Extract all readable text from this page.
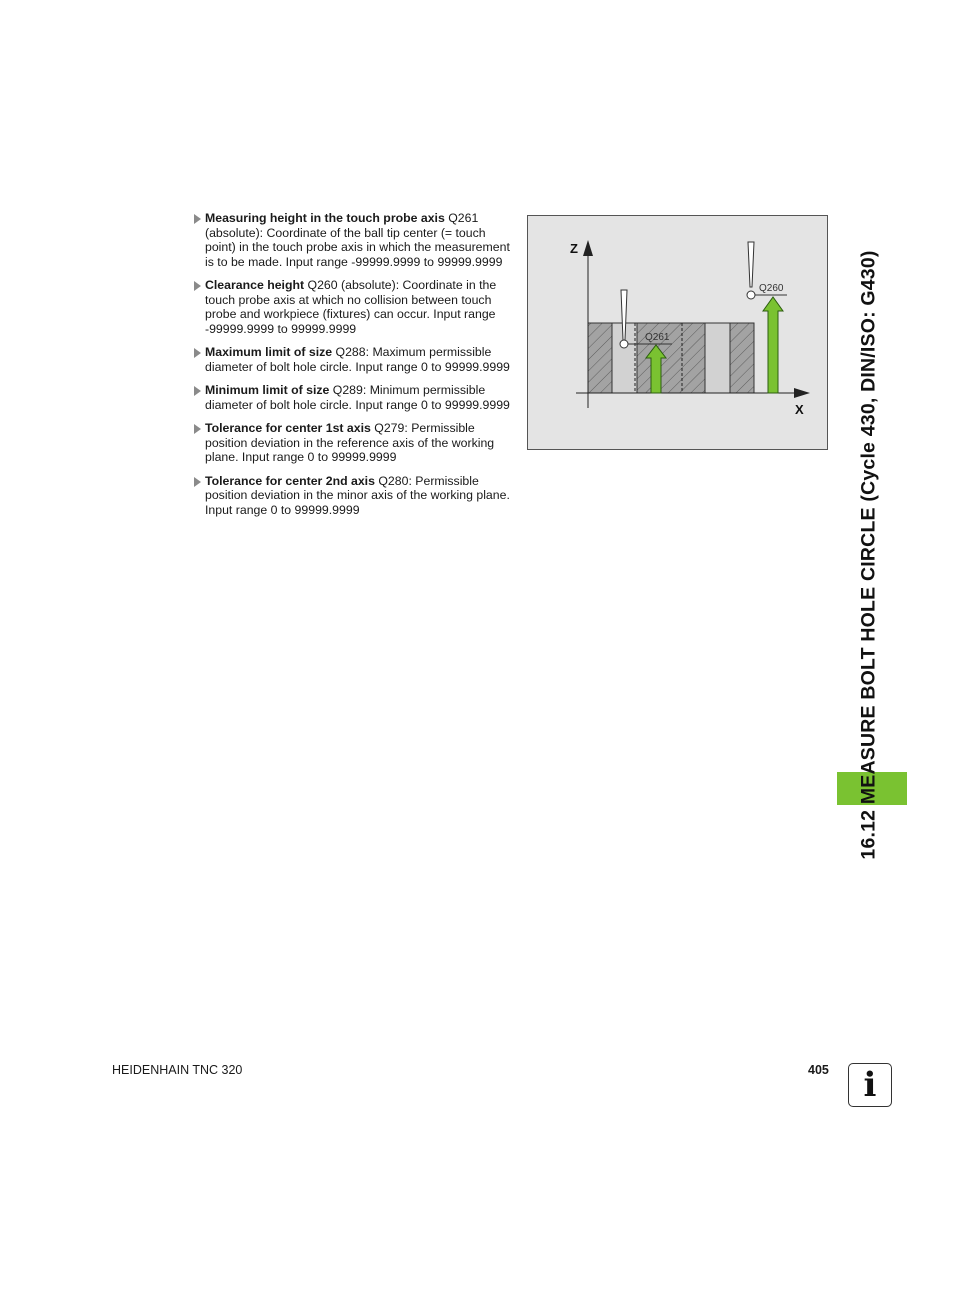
Measuring height in the touch probe axis Q261 (absolute): Coordinate of the ball tip center (= touch point) in the touch probe axis in which the measurement is to be made. Input range -99999.9999 to 99999.9999
Clearance height Q260 (absolute): Coordinate in the touch probe axis at which no collision between touch probe and workpiece (fixtures) can occur. Input range -99999.9999 to 99999.9999
Maximum limit of size Q288: Maximum permissible diameter of bolt hole circle. Input range 0 to 99999.9999
Minimum limit of size Q289: Minimum permissible diameter of bolt hole circle. Input range 0 to 99999.9999
Tolerance for center 1st axis Q279: Permissible position deviation in the reference axis of the working plane. Input range 0 to 99999.9999
Tolerance for center 2nd axis Q280: Permissible position deviation in the minor axis of the working plane. Input range 0 to 99999.9999
Z
X
Q261
Q260	16.12 MEASURE BOLT HOLE CIRCLE (Cycle 430, DIN/ISO: G430)
HEIDENHAIN TNC 320	405	i
